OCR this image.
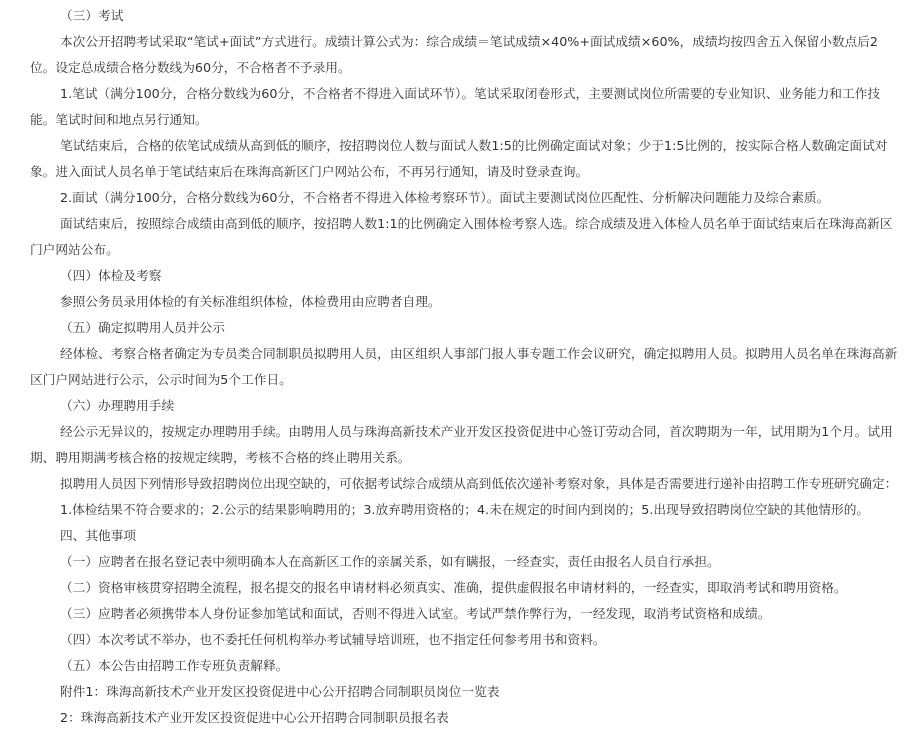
（三）考试

本次公开招聘考试采取“笔试+面试”方式进行。成绩计算公式为：综合成绩＝笔试成绩×40%+面试成绩×60%，成绩均按四舍五入保留小数点后2位。设定总成绩合格分数线为60分，不合格者不予录用。

1.笔试（满分100分，合格分数线为60分，不合格者不得进入面试环节）。笔试采取闭卷形式，主要测试岗位所需要的专业知识、业务能力和工作技能。笔试时间和地点另行通知。

笔试结束后，合格的依笔试成绩从高到低的顺序，按招聘岗位人数与面试人数1:5的比例确定面试对象；少于1:5比例的，按实际合格人数确定面试对象。进入面试人员名单于笔试结束后在珠海高新区门户网站公布，不再另行通知，请及时登录查询。

2.面试（满分100分，合格分数线为60分，不合格者不得进入体检考察环节）。面试主要测试岗位匹配性、分析解决问题能力及综合素质。

面试结束后，按照综合成绩由高到低的顺序，按招聘人数1:1的比例确定入围体检考察人选。综合成绩及进入体检人员名单于面试结束后在珠海高新区门户网站公布。

（四）体检及考察

参照公务员录用体检的有关标准组织体检，体检费用由应聘者自理。

（五）确定拟聘用人员并公示

经体检、考察合格者确定为专员类合同制职员拟聘用人员，由区组织人事部门报人事专题工作会议研究，确定拟聘用人员。拟聘用人员名单在珠海高新区门户网站进行公示，公示时间为5个工作日。

（六）办理聘用手续

经公示无异议的，按规定办理聘用手续。由聘用人员与珠海高新技术产业开发区投资促进中心签订劳动合同，首次聘期为一年，试用期为1个月。试用期、聘用期满考核合格的按规定续聘，考核不合格的终止聘用关系。

拟聘用人员因下列情形导致招聘岗位出现空缺的，可依据考试综合成绩从高到低依次递补考察对象，具体是否需要进行递补由招聘工作专班研究确定：

1.体检结果不符合要求的；2.公示的结果影响聘用的；3.放弃聘用资格的；4.未在规定的时间内到岗的；5.出现导致招聘岗位空缺的其他情形的。

四、其他事项

（一）应聘者在报名登记表中须明确本人在高新区工作的亲属关系，如有瞒报，一经查实，责任由报名人员自行承担。

（二）资格审核贯穿招聘全流程，报名提交的报名申请材料必须真实、准确，提供虚假报名申请材料的，一经查实，即取消考试和聘用资格。

（三）应聘者必须携带本人身份证参加笔试和面试，否则不得进入试室。考试严禁作弊行为，一经发现，取消考试资格和成绩。

（四）本次考试不举办，也不委托任何机构举办考试辅导培训班，也不指定任何参考用书和资料。

（五）本公告由招聘工作专班负责解释。

附件1：珠海高新技术产业开发区投资促进中心公开招聘合同制职员岗位一览表

2：珠海高新技术产业开发区投资促进中心公开招聘合同制职员报名表
